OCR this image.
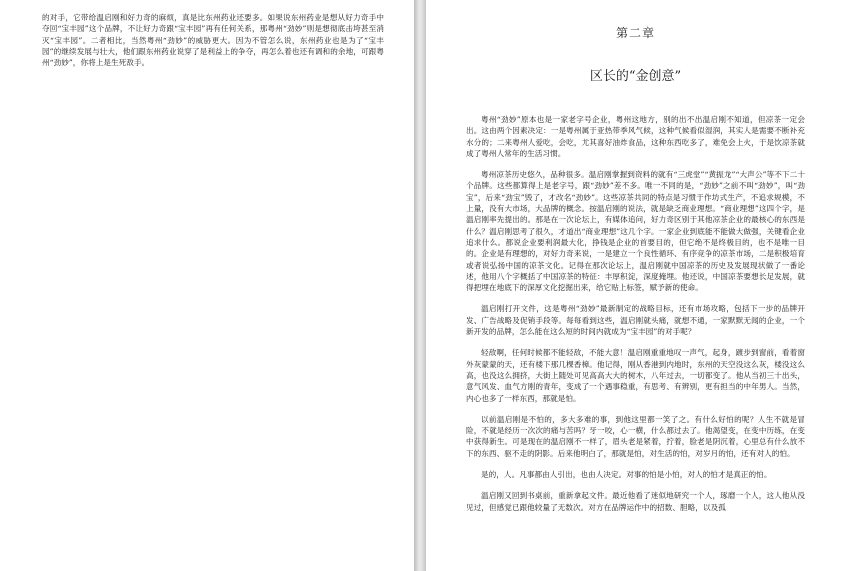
的对手，它带给温启刚和好力奇的麻烦，真是比东州药业还要多。如果说东州药业是想从好力奇手中夺回“宝丰园”这个品牌，不让好力奇跟“宝丰园”再有任何关系，那粤州“劲妙”则是想彻底击垮甚至消灭“宝丰园”。二者相比，当然粤州“劲妙”的威胁更大。因为不管怎么说，东州药业也是为了“宝丰园”的继续发展与壮大，他们跟东州药业说穿了是利益上的争夺，再怎么着也还有调和的余地，可跟粤州“劲妙”，你将上是生死敌手。

第二章
区长的“金创意”

粤州“劲妙”原本也是一家老字号企业，粤州这地方，别的出不出温启刚不知道，但凉茶一定会出。这由两个因素决定：一是粤州属于亚热带季风气候，这种气候看似湿润，其实人是需要不断补充水分的；二来粤州人爱吃，会吃，尤其喜好油炸食品，这种东西吃多了，难免会上火，于是饮凉茶就成了粤州人常年的生活习惯。

粤州凉茶历史悠久，品种很多。温启刚掌握到资料的就有“三虎堂”“黄振龙”“大声公”等不下二十个品牌。这些都算得上是老字号，跟“劲妙”差不多。唯一不同的是，“劲妙”之前不叫“劲妙”，叫“劲宝”，后来“劲宝”毁了，才改名“劲妙”。这些凉茶共同的特点是习惯于作坊式生产，不追求规模，不上量，没有大市场，大品牌的概念。按温启刚的说法，就是缺乏商业理想。“商业理想”这四个字，是温启刚率先提出的。那是在一次论坛上，有媒体追问，好力奇区别于其他凉茶企业的最核心的东西是什么？温启刚思考了很久，才道出“商业理想”这几个字。一家企业到底能不能做大做强，关键看企业追求什么。都说企业要利润最大化，挣钱是企业的首要目的，但它绝不是终极目的，也不是唯一目的。企业是有理想的，对好力奇来说，一是建立一个良性循环、有序竞争的凉茶市场，二是积极培育或者说弘扬中国的凉茶文化。记得在那次论坛上，温启刚就中国凉茶的历史及发展现状做了一番论述，他用八个字概括了中国凉茶的特征：丰厚积淀，深度掩埋。他还说，中国凉茶要想长足发展，就得把埋在地底下的深厚文化挖掘出来，给它贴上标签，赋予新的使命。

温启刚打开文件，这是粤州“劲妙”最新制定的战略目标，还有市场攻略，包括下一步的品牌开发、广告战略及促销手段等。每每看到这些，温启刚就头痛，就想不通，一家默默无闻的企业，一个新开发的品牌，怎么能在这么短的时间内就成为“宝丰园”的对手呢？

轻敌啊，任何时候都不能轻敌，不能大意！温启刚重重地叹一声气，起身，踱步到窗前，看着窗外灰蒙蒙的天，还有楼下那几棵香樟。他记得，刚从香港到内地时，东州的天空没这么灰，楼没这么高，也没这么拥挤，大街上随处可见高高大大的树木，八年过去，一切都变了。他从当初三十出头，意气风发、血气方刚的青年，变成了一个遇事稳重，有思考、有辨别，更有担当的中年男人。当然，内心也多了一样东西，那就是怕。

以前温启刚是不怕的，多大多难的事，到他这里都一笑了之。有什么好怕的呢？人生不就是冒险，不就是经历一次次的痛与苦吗？牙一咬，心一横，什么都过去了。他渴望变，在变中历练，在变中获得新生。可是现在的温启刚不一样了，眉头老是紧着，拧着，脸老是阴沉着，心里总有什么放不下的东西、驱不走的阴影。后来他明白了，那就是怕，对生活的怕，对岁月的怕，还有对人的怕。

是的，人。凡事都由人引出，也由人决定。对事的怕是小怕，对人的怕才是真正的怕。

温启刚又回到书桌前，重新拿起文件。最近他看了迷似地研究一个人，琢磨一个人，这人他从没见过，但感觉已跟他较量了无数次。对方在品牌运作中的招数、胆略，以及孤
